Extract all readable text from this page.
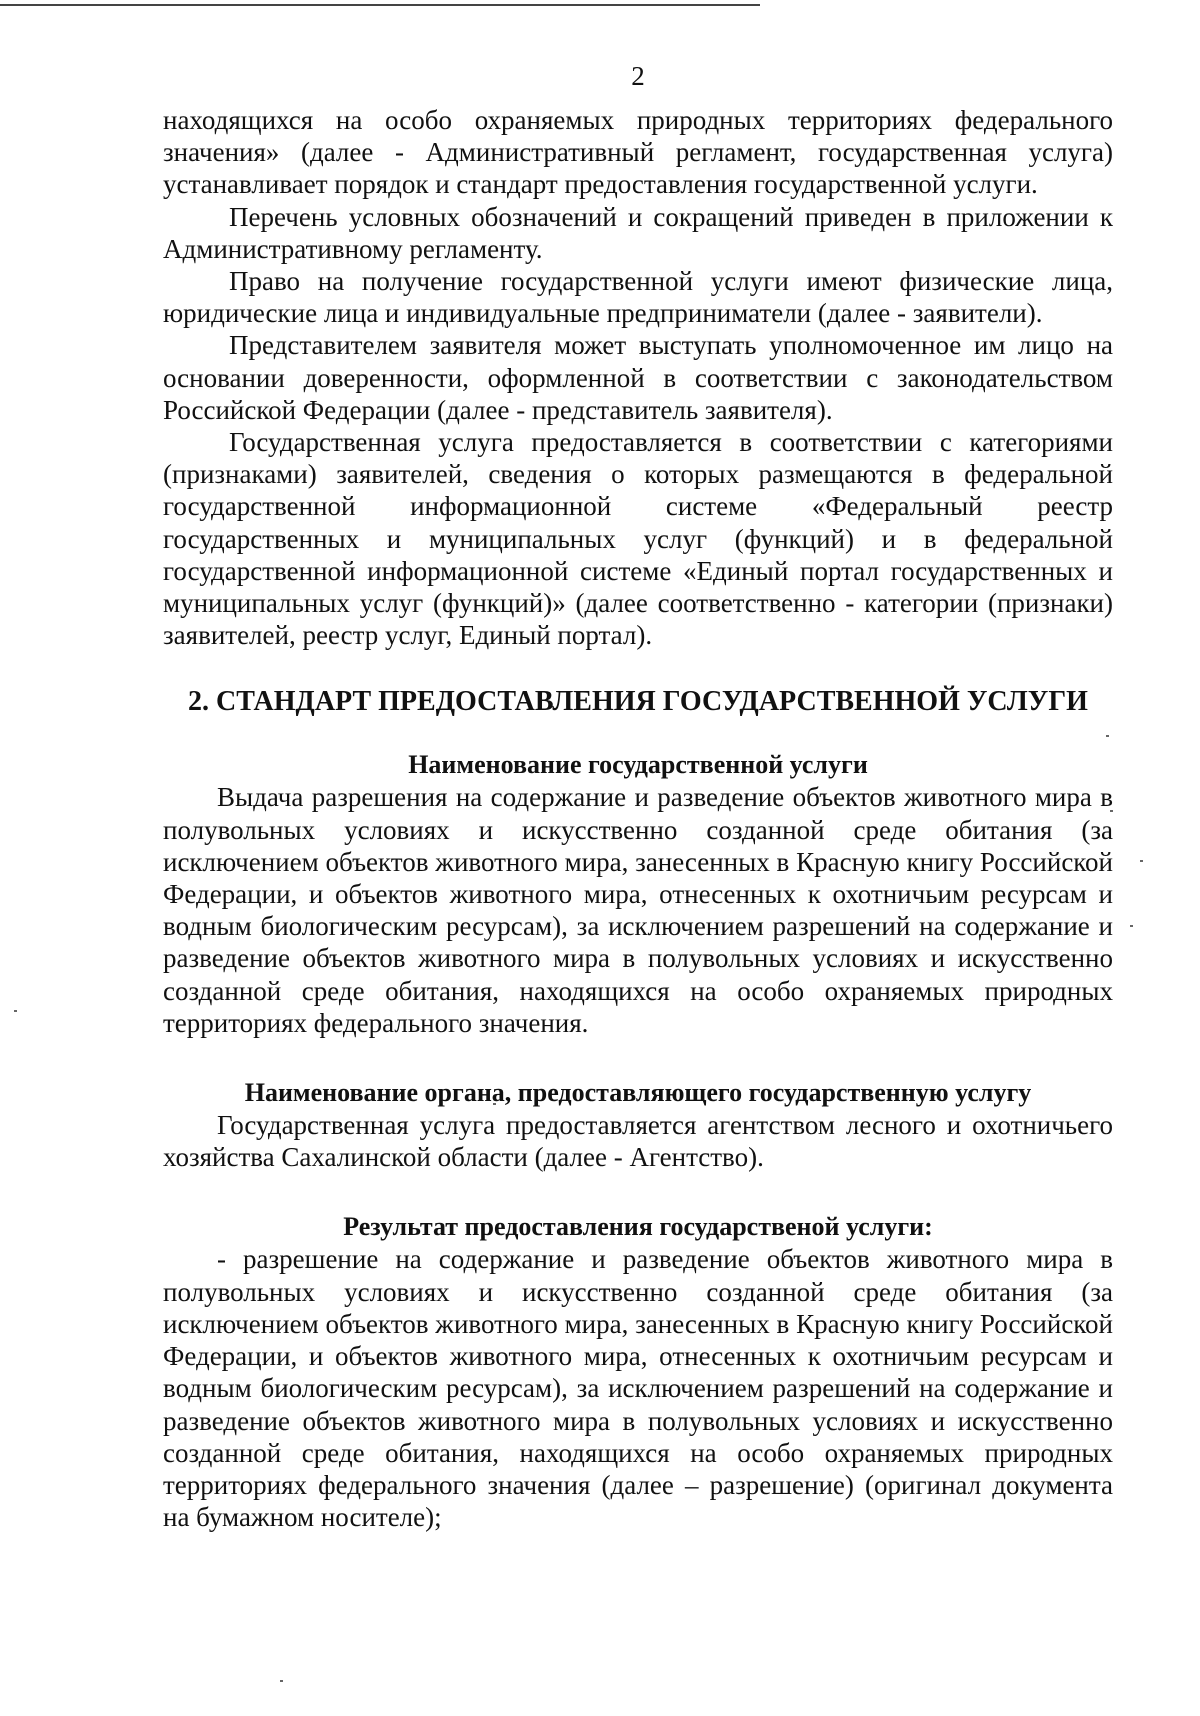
2

находящихся на особо охраняемых природных территориях федерального значения» (далее - Административный регламент, государственная услуга) устанавливает порядок и стандарт предоставления государственной услуги.

Перечень условных обозначений и сокращений приведен в приложении к Административному регламенту.

Право на получение государственной услуги имеют физические лица, юридические лица и индивидуальные предприниматели (далее - заявители).

Представителем заявителя может выступать уполномоченное им лицо на основании доверенности, оформленной в соответствии с законодательством Российской Федерации (далее - представитель заявителя).

Государственная услуга предоставляется в соответствии с категориями (признаками) заявителей, сведения о которых размещаются в федеральной государственной информационной системе «Федеральный реестр государственных и муниципальных услуг (функций) и в федеральной государственной информационной системе «Единый портал государственных и муниципальных услуг (функций)» (далее соответственно - категории (признаки) заявителей, реестр услуг, Единый портал).

2. СТАНДАРТ ПРЕДОСТАВЛЕНИЯ ГОСУДАРСТВЕННОЙ УСЛУГИ
Наименование государственной услуги

Выдача разрешения на содержание и разведение объектов животного мира в полувольных условиях и искусственно созданной среде обитания (за исключением объектов животного мира, занесенных в Красную книгу Российской Федерации, и объектов животного мира, отнесенных к охотничьим ресурсам и водным биологическим ресурсам), за исключением разрешений на содержание и разведение объектов животного мира в полувольных условиях и искусственно созданной среде обитания, находящихся на особо охраняемых природных территориях федерального значения.

Наименование органа, предоставляющего государственную услугу

Государственная услуга предоставляется агентством лесного и охотничьего хозяйства Сахалинской области (далее - Агентство).

Результат предоставления государственой услуги:

- разрешение на содержание и разведение объектов животного мира в полувольных условиях и искусственно созданной среде обитания (за исключением объектов животного мира, занесенных в Красную книгу Российской Федерации, и объектов животного мира, отнесенных к охотничьим ресурсам и водным биологическим ресурсам), за исключением разрешений на содержание и разведение объектов животного мира в полувольных условиях и искусственно созданной среде обитания, находящихся на особо охраняемых природных территориях федерального значения (далее – разрешение) (оригинал документа на бумажном носителе);
